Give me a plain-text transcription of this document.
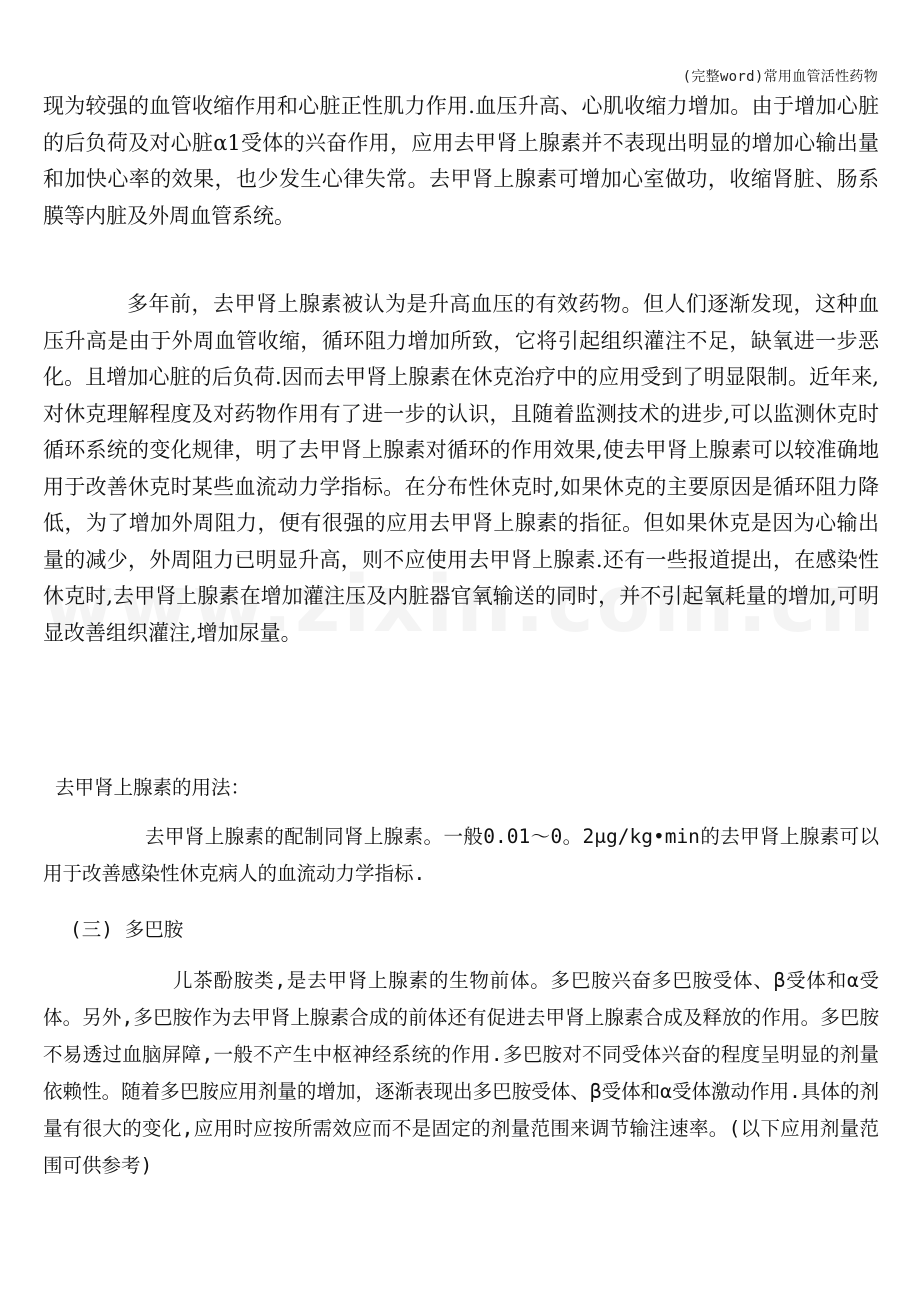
(完整word)常用血管活性药物

现为较强的血管收缩作用和心脏正性肌力作用.血压升高、心肌收缩力增加。由于增加心脏的后负荷及对心脏α1受体的兴奋作用，应用去甲肾上腺素并不表现出明显的增加心输出量和加快心率的效果，也少发生心律失常。去甲肾上腺素可增加心室做功，收缩肾脏、肠系膜等内脏及外周血管系统。

多年前，去甲肾上腺素被认为是升高血压的有效药物。但人们逐渐发现，这种血压升高是由于外周血管收缩，循环阻力增加所致，它将引起组织灌注不足，缺氧进一步恶化。且增加心脏的后负荷.因而去甲肾上腺素在休克治疗中的应用受到了明显限制。近年来,对休克理解程度及对药物作用有了进一步的认识，且随着监测技术的进步,可以监测休克时循环系统的变化规律，明了去甲肾上腺素对循环的作用效果,使去甲肾上腺素可以较准确地用于改善休克时某些血流动力学指标。在分布性休克时,如果休克的主要原因是循环阻力降低，为了增加外周阻力，便有很强的应用去甲肾上腺素的指征。但如果休克是因为心输出量的减少，外周阻力已明显升高，则不应使用去甲肾上腺素.还有一些报道提出，在感染性休克时,去甲肾上腺素在增加灌注压及内脏器官氧输送的同时，并不引起氧耗量的增加,可明显改善组织灌注,增加尿量。

去甲肾上腺素的用法：

去甲肾上腺素的配制同肾上腺素。一般0.01～0。2μg/kg•min的去甲肾上腺素可以用于改善感染性休克病人的血流动力学指标.

(三) 多巴胺

儿茶酚胺类,是去甲肾上腺素的生物前体。多巴胺兴奋多巴胺受体、β受体和α受体。另外,多巴胺作为去甲肾上腺素合成的前体还有促进去甲肾上腺素合成及释放的作用。多巴胺不易透过血脑屏障,一般不产生中枢神经系统的作用.多巴胺对不同受体兴奋的程度呈明显的剂量依赖性。随着多巴胺应用剂量的增加，逐渐表现出多巴胺受体、β受体和α受体激动作用.具体的剂量有很大的变化,应用时应按所需效应而不是固定的剂量范围来调节输注速率。(以下应用剂量范围可供参考)
